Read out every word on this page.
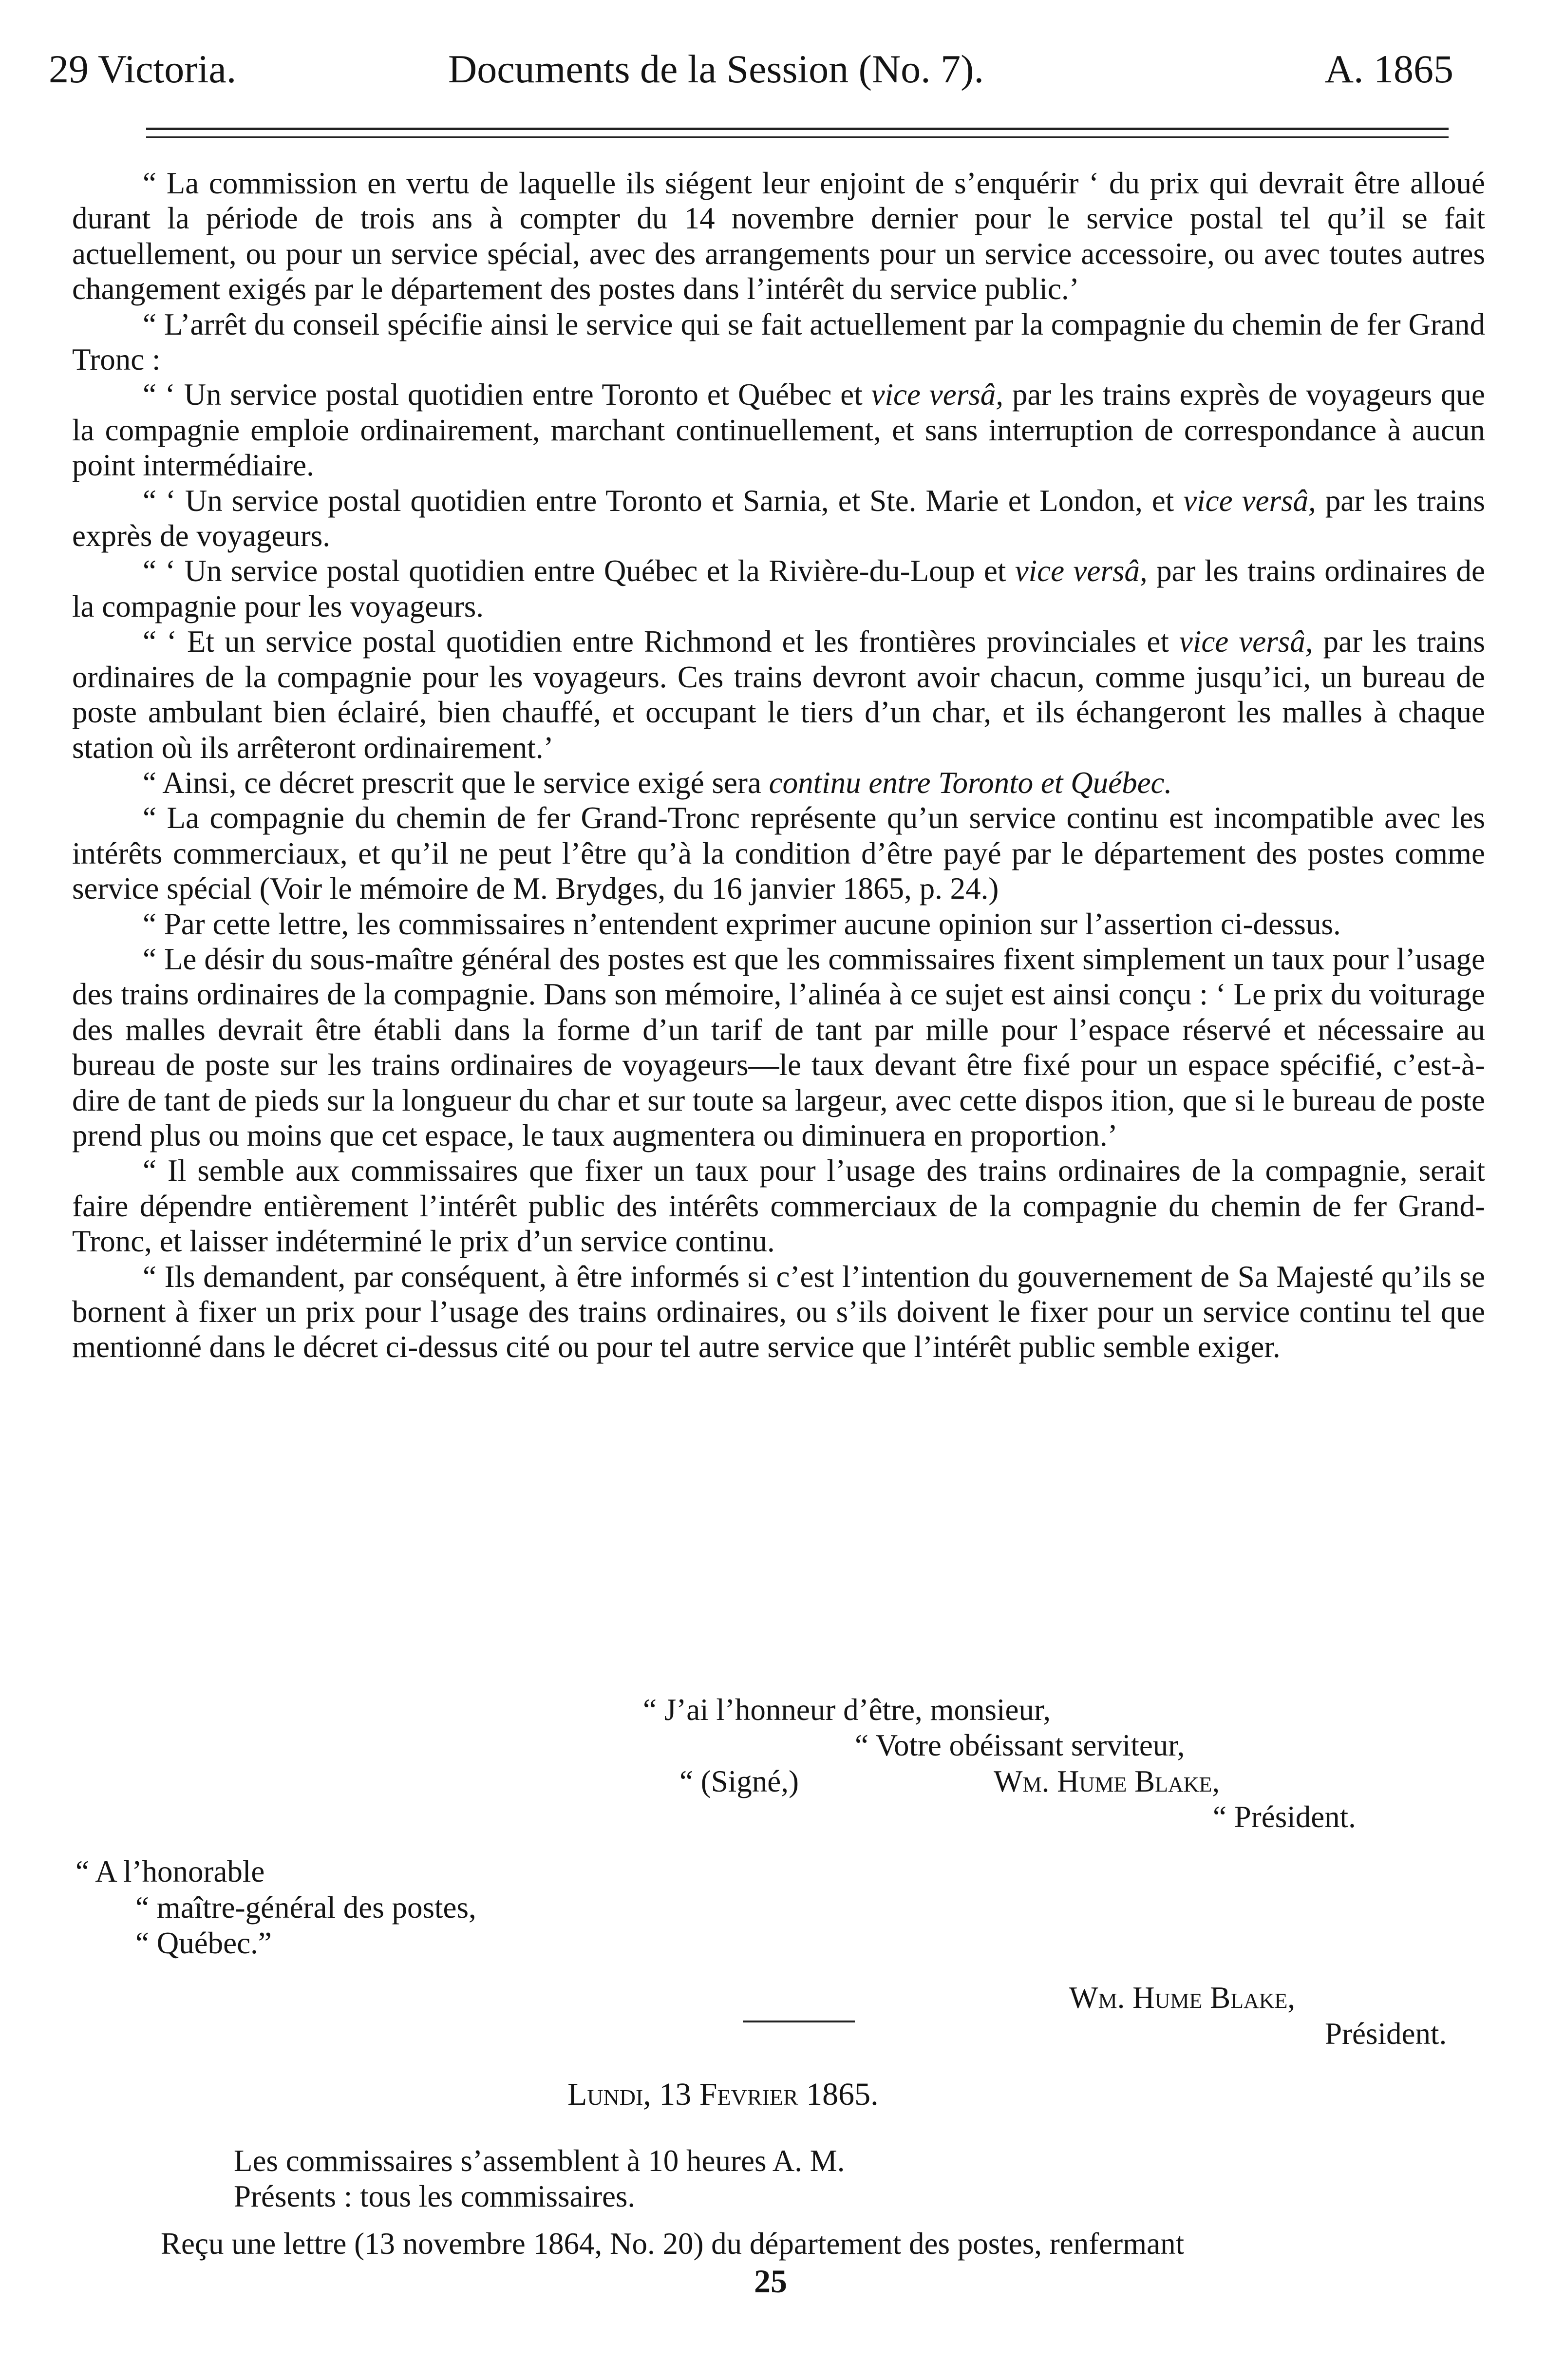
29 Victoria.	Documents de la Session (No. 7).	A. 1865

“ La commission en vertu de laquelle ils siégent leur enjoint de s’enquérir ‘ du prix qui devrait être alloué durant la période de trois ans à compter du 14 novembre dernier pour le service postal tel qu’il se fait actuellement, ou pour un service spécial, avec des arrangements pour un service accessoire, ou avec toutes autres changement exigés par le département des postes dans l’intérêt du service public.’

“ L’arrêt du conseil spécifie ainsi le service qui se fait actuellement par la compagnie du chemin de fer Grand Tronc :

“ ‘ Un service postal quotidien entre Toronto et Québec et vice versâ, par les trains exprès de voyageurs que la compagnie emploie ordinairement, marchant continuellement, et sans interruption de correspondance à aucun point intermédiaire.

“ ‘ Un service postal quotidien entre Toronto et Sarnia, et Ste. Marie et London, et vice versâ, par les trains exprès de voyageurs.

“ ‘ Un service postal quotidien entre Québec et la Rivière-du-Loup et vice versâ, par les trains ordinaires de la compagnie pour les voyageurs.

“ ‘ Et un service postal quotidien entre Richmond et les frontières provinciales et vice versâ, par les trains ordinaires de la compagnie pour les voyageurs. Ces trains devront avoir chacun, comme jusqu’ici, un bureau de poste ambulant bien éclairé, bien chauffé, et occupant le tiers d’un char, et ils échangeront les malles à chaque station où ils arrêteront ordinairement.’

“ Ainsi, ce décret prescrit que le service exigé sera continu entre Toronto et Québec.

“ La compagnie du chemin de fer Grand-Tronc représente qu’un service continu est incompatible avec les intérêts commerciaux, et qu’il ne peut l’être qu’à la condition d’être payé par le département des postes comme service spécial (Voir le mémoire de M. Brydges, du 16 janvier 1865, p. 24.)

“ Par cette lettre, les commissaires n’entendent exprimer aucune opinion sur l’assertion ci-dessus.

“ Le désir du sous-maître général des postes est que les commissaires fixent simplement un taux pour l’usage des trains ordinaires de la compagnie. Dans son mémoire, l’alinéa à ce sujet est ainsi conçu : ‘ Le prix du voiturage des malles devrait être établi dans la forme d’un tarif de tant par mille pour l’espace réservé et nécessaire au bureau de poste sur les trains ordinaires de voyageurs—le taux devant être fixé pour un espace spécifié, c’est-à-dire de tant de pieds sur la longueur du char et sur toute sa largeur, avec cette dispos ition, que si le bureau de poste prend plus ou moins que cet espace, le taux augmentera ou diminuera en proportion.’

“ Il semble aux commissaires que fixer un taux pour l’usage des trains ordinaires de la compagnie, serait faire dépendre entièrement l’intérêt public des intérêts commerciaux de la compagnie du chemin de fer Grand-Tronc, et laisser indéterminé le prix d’un service continu.

“ Ils demandent, par conséquent, à être informés si c’est l’intention du gouvernement de Sa Majesté qu’ils se bornent à fixer un prix pour l’usage des trains ordinaires, ou s’ils doivent le fixer pour un service continu tel que mentionné dans le décret ci-dessus cité ou pour tel autre service que l’intérêt public semble exiger.

“ J’ai l’honneur d’être, monsieur,
“ Votre obéissant serviteur,
“ (Signé,)	Wm. Hume Blake,
“ Président.
“ A l’honorable
“ maître-général des postes,
“ Québec.”
Wm. Hume Blake,
Président.
Lundi, 13 Fevrier 1865.
Les commissaires s’assemblent à 10 heures A. M.
Présents : tous les commissaires.
Reçu une lettre (13 novembre 1864, No. 20) du département des postes, renfermant
25
